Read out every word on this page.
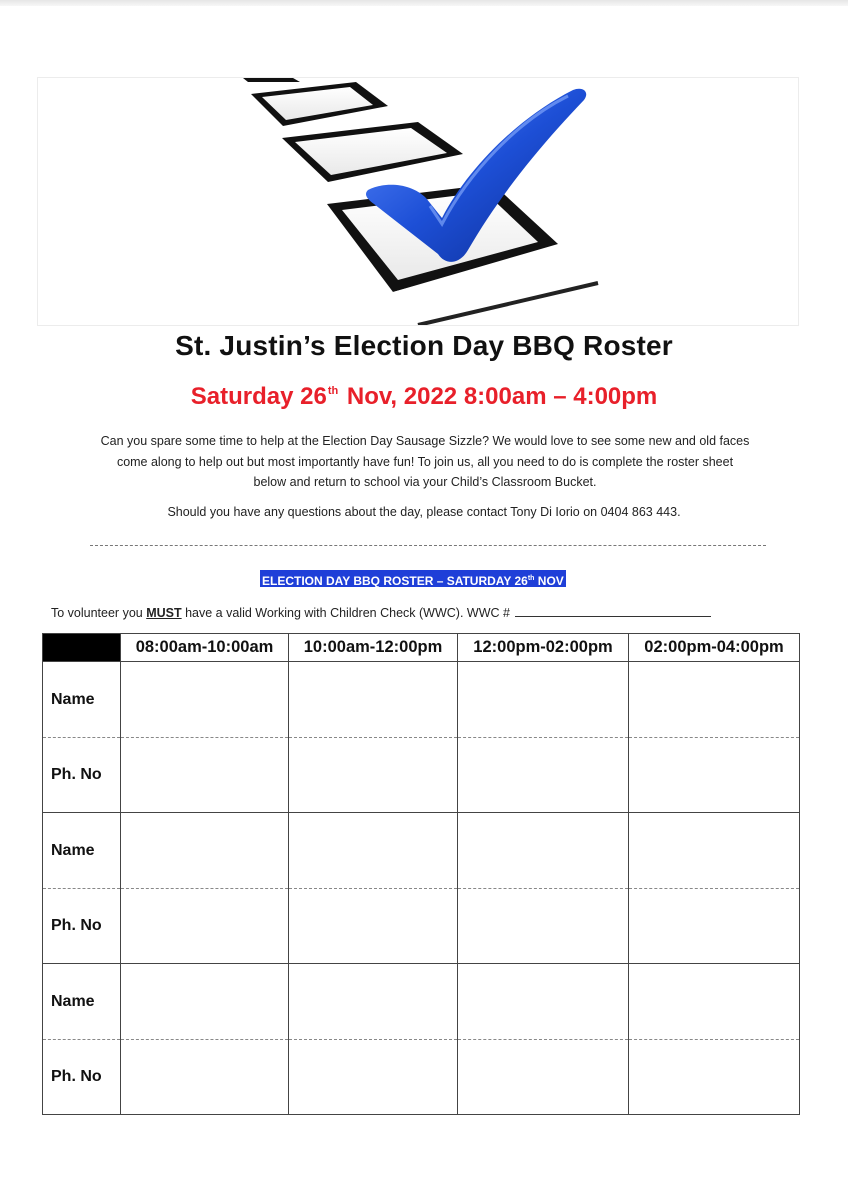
St. Justin’s Election Day BBQ Roster
Saturday 26th Nov, 2022 8:00am – 4:00pm
Can you spare some time to help at the Election Day Sausage Sizzle? We would love to see some new and old faces
come along to help out but most importantly have fun! To join us, all you need to do is complete the roster sheet
below and return to school via your Child’s Classroom Bucket.
Should you have any questions about the day, please contact Tony Di Iorio on 0404 863 443.
ELECTION DAY BBQ ROSTER – SATURDAY 26th NOV
To volunteer you MUST have a valid Working with Children Check (WWC). WWC #
	08:00am-10:00am	10:00am-12:00pm	12:00pm-02:00pm	02:00pm-04:00pm
Name				
Ph. No				
Name				
Ph. No				
Name				
Ph. No				
